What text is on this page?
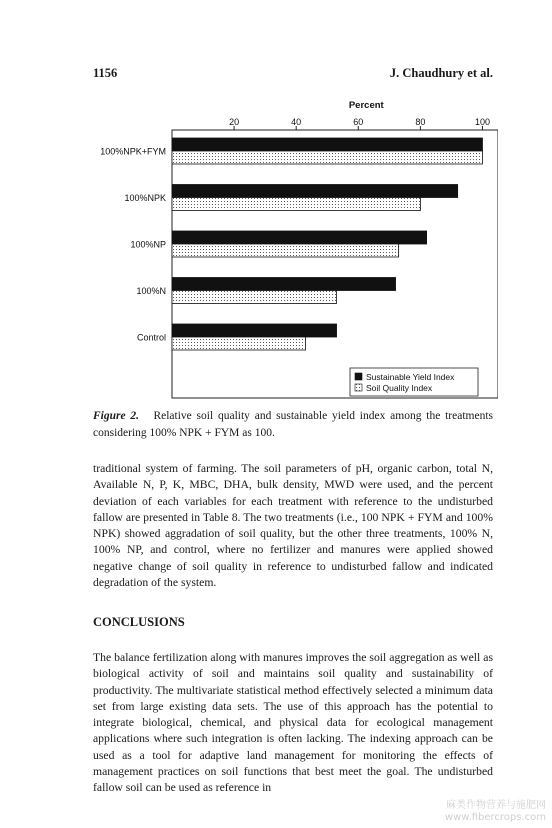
1156	J. Chaudhury et al.
Percent
20	40	60	80	100
100%NPK+FYM
100%NPK
100%NP
100%N
Control
Sustainable Yield Index
Soil Quality Index
Figure 2. Relative soil quality and sustainable yield index among the treatments considering 100% NPK + FYM as 100.

traditional system of farming. The soil parameters of pH, organic carbon, total N, Available N, P, K, MBC, DHA, bulk density, MWD were used, and the percent deviation of each variables for each treatment with reference to the undisturbed fallow are presented in Table 8. The two treatments (i.e., 100 NPK + FYM and 100% NPK) showed aggradation of soil quality, but the other three treatments, 100% N, 100% NP, and control, where no fertilizer and manures were applied showed negative change of soil quality in reference to undisturbed fallow and indicated degradation of the system.

CONCLUSIONS

The balance fertilization along with manures improves the soil aggregation as well as biological activity of soil and maintains soil quality and sustainability of productivity. The multivariate statistical method effectively selected a minimum data set from large existing data sets. The use of this approach has the potential to integrate biological, chemical, and physical data for ecological management applications where such integration is often lacking. The indexing approach can be used as a tool for adaptive land management for monitoring the effects of management practices on soil functions that best meet the goal. The undisturbed fallow soil can be used as reference in

麻类作物营养与施肥网
www.fibercrops.com
